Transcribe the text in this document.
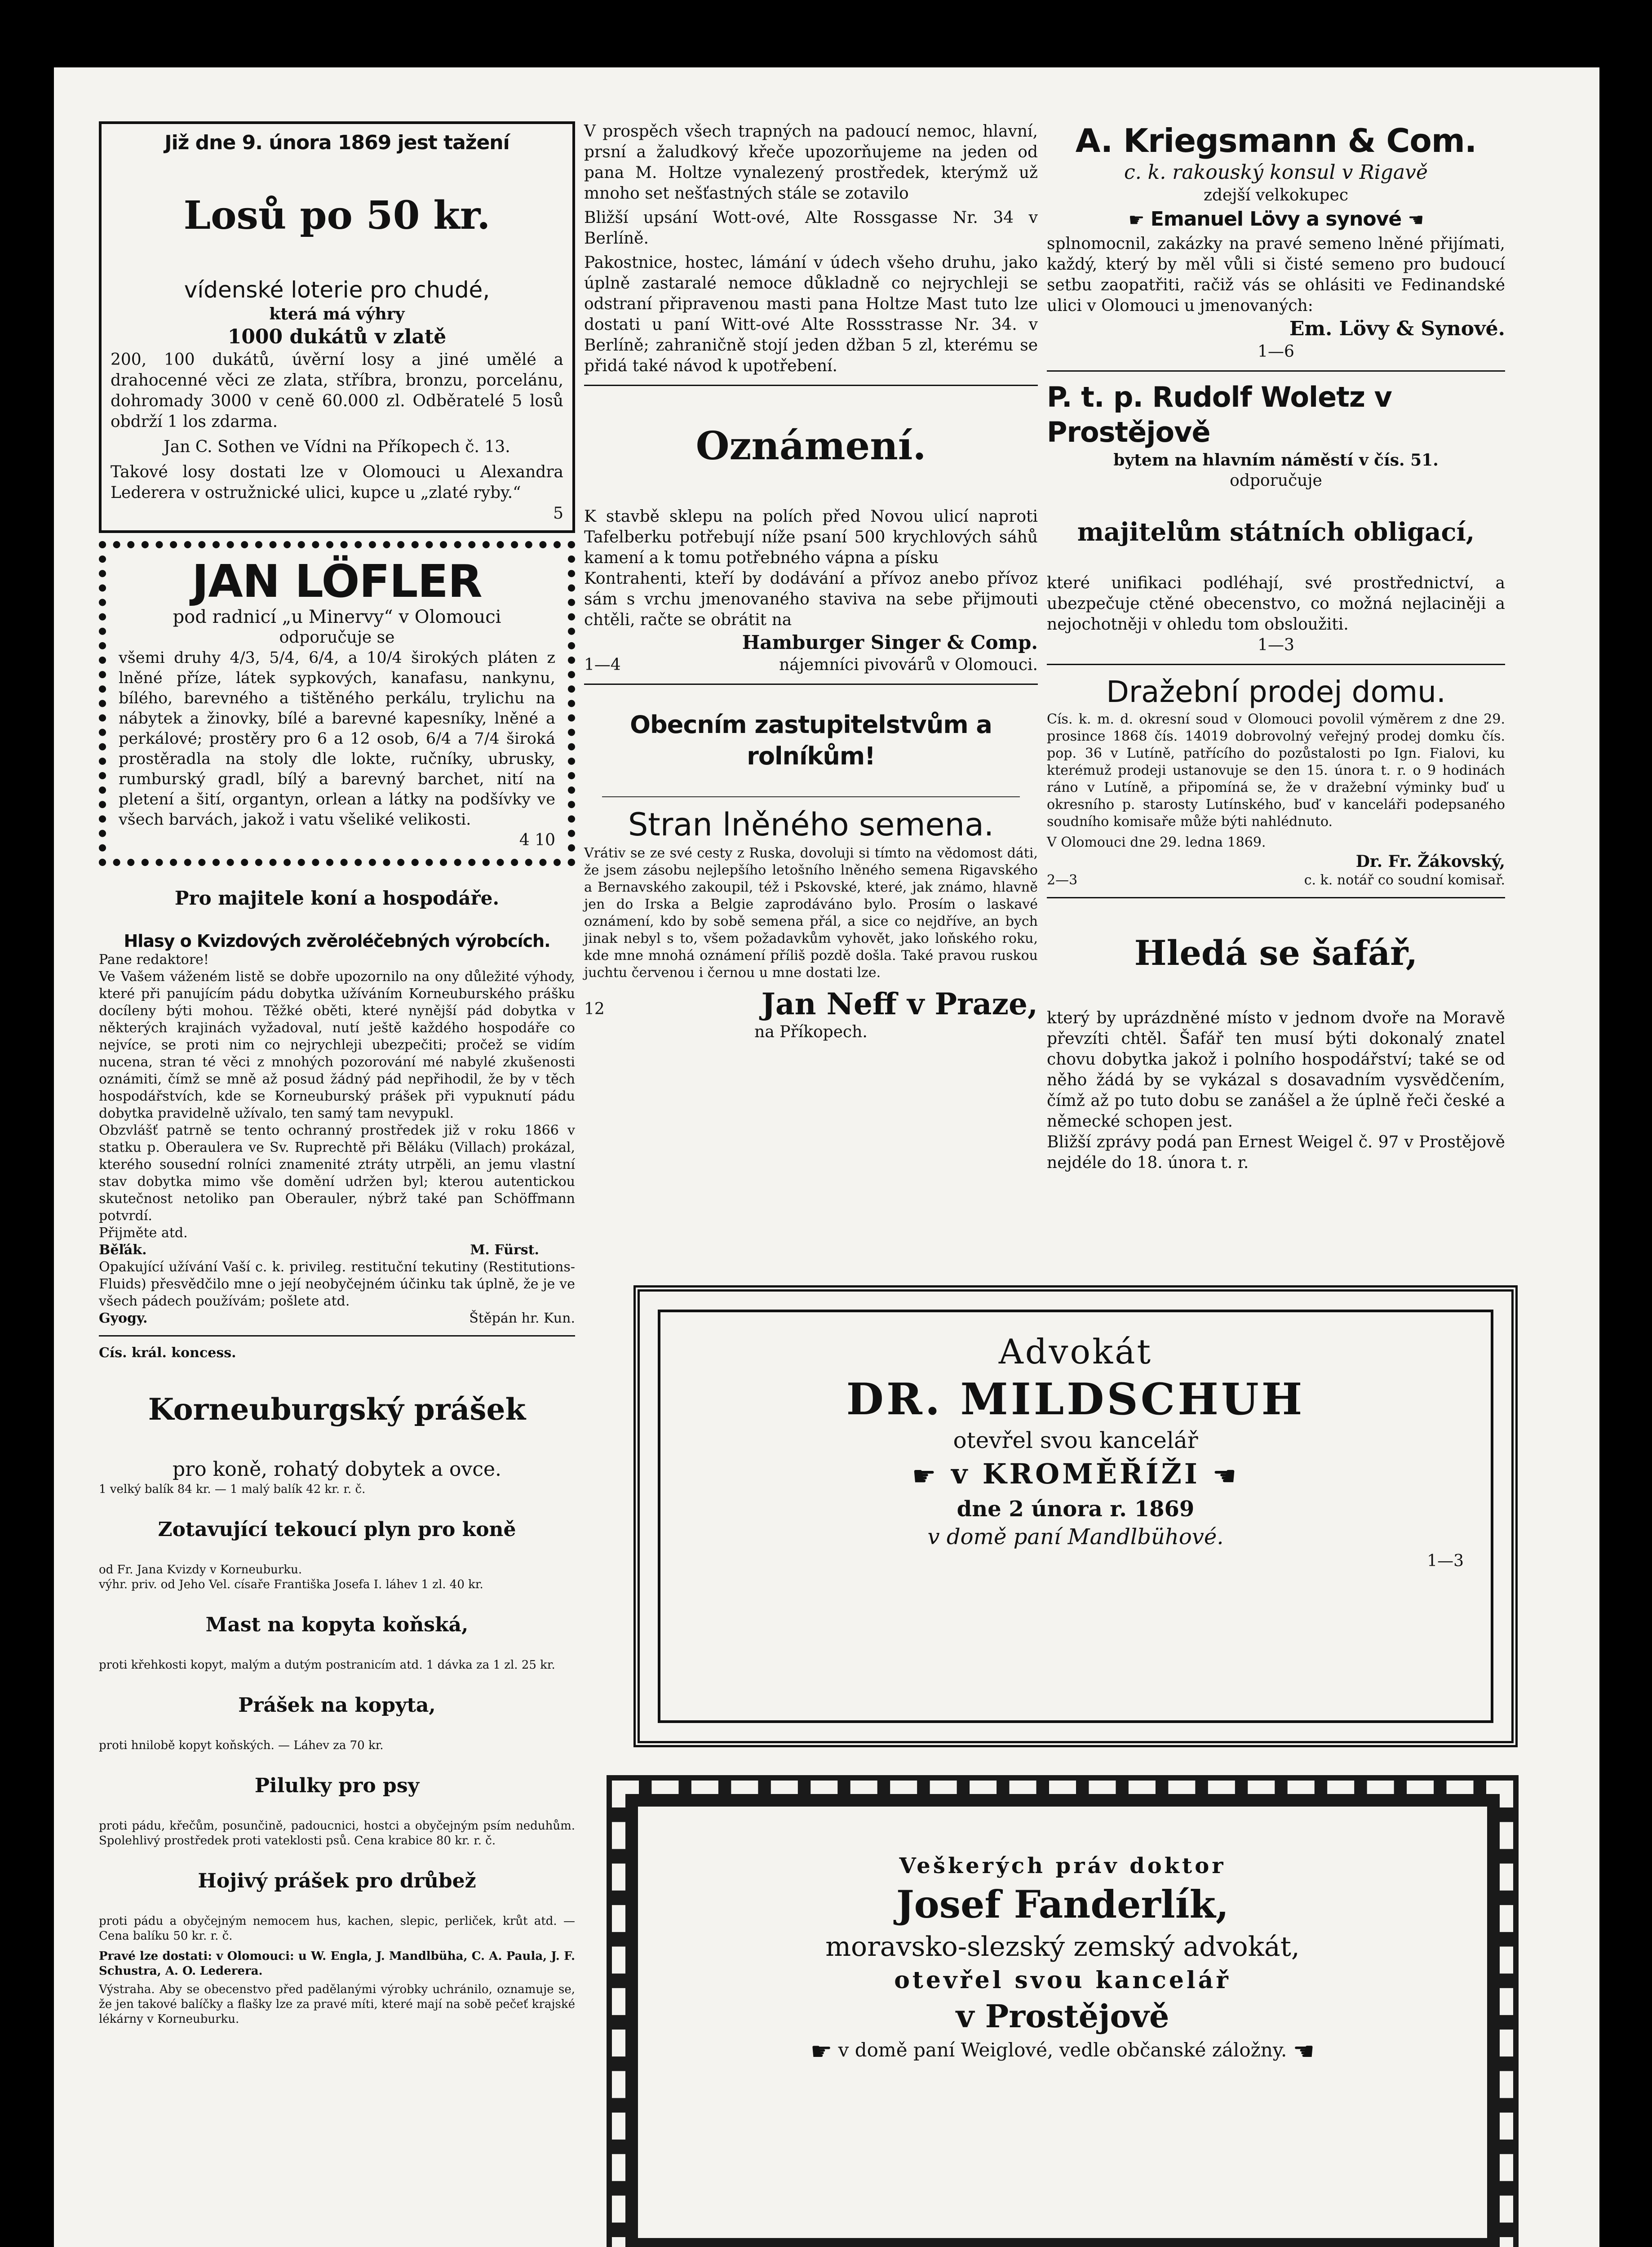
Již dne 9. února 1869 jest tažení

Losů po 50 kr.

vídenské loterie pro chudé,

která má výhry

1000 dukátů v zlatě

200, 100 dukátů, úvěrní losy a jiné umělé a drahocenné věci ze zlata, stříbra, bronzu, porcelánu, dohromady 3000 v ceně 60.000 zl. Odběratelé 5 losů obdrží 1 los zdarma.

Jan C. Sothen ve Vídni na Příkopech č. 13.

Takové losy dostati lze v Olomouci u Alexandra Lederera v ostružnické ulici, kupce u „zlaté ryby.“

5

JAN LÖFLER

pod radnicí „u Minervy“ v Olomouci

odporučuje se

všemi druhy 4/3, 5/4, 6/4, a 10/4 širokých pláten z lněné příze, látek sypkových, kanafasu, nankynu, bílého, barevného a tištěného perkálu, trylichu na nábytek a žinovky, bílé a barevné kapesníky, lněné a perkálové; prostěry pro 6 a 12 osob, 6/4 a 7/4 široká prostěradla na stoly dle lokte, ručníky, ubrusky, rumburský gradl, bílý a barevný barchet, nití na pletení a šití, organtyn, orlean a látky na podšívky ve všech barvách, jakož i vatu všeliké velikosti.

4 10

Pro majitele koní a hospodáře.

Hlasy o Kvizdových zvěroléčebných výrobcích.

Pane redaktore!

Ve Vašem váženém listě se dobře upozornilo na ony důležité výhody, které při panujícím pádu dobytka užíváním Korneuburského prášku docíleny býti mohou. Těžké oběti, které nynější pád dobytka v některých krajinách vyžadoval, nutí ještě každého hospodáře co nejvíce, se proti nim co nejrychleji ubezpečiti; pročež se vidím nucena, stran té věci z mnohých pozorování mé nabylé zkušenosti oznámiti, čímž se mně až posud žádný pád nepřihodil, že by v těch hospodářstvích, kde se Korneuburský prášek při vypuknutí pádu dobytka pravidelně užívalo, ten samý tam nevypukl.

Obzvlášť patrně se tento ochranný prostředek již v roku 1866 v statku p. Oberaulera ve Sv. Ruprechtě při Běláku (Villach) prokázal, kterého sousední rolníci znamenité ztráty utrpěli, an jemu vlastní stav dobytka mimo vše domění udržen byl; kterou autentickou skutečnost netoliko pan Oberauler, nýbrž také pan Schöffmann potvrdí.

Přijměte atd.

Běľák.	M. Fürst.

Opakující užívání Vaší c. k. privileg. restituční tekutiny (Restitutions-Fluids) přesvědčilo mne o její neobyčejném účinku tak úplně, že je ve všech pádech používám; pošlete atd.

Gyogy.	Štěpán hr. Kun.

Cís. král. koncess.

Korneuburgský prášek

pro koně, rohatý dobytek a ovce.

1 velký balík 84 kr. — 1 malý balík 42 kr. r. č.

Zotavující tekoucí plyn pro koně

od Fr. Jana Kvizdy v Korneuburku.

výhr. priv. od Jeho Vel. císaře Františka Josefa I. láhev 1 zl. 40 kr.

Mast na kopyta koňská,

proti křehkosti kopyt, malým a dutým postranicím atd. 1 dávka za 1 zl. 25 kr.

Prášek na kopyta,

proti hnilobě kopyt koňských. — Láhev za 70 kr.

Pilulky pro psy

proti pádu, křečům, posunčině, padoucnici, hostci a obyčejným psím neduhům. Spolehlivý prostředek proti vateklosti psů. Cena krabice 80 kr. r. č.

Hojivý prášek pro drůbež

proti pádu a obyčejným nemocem hus, kachen, slepic, perliček, krůt atd. — Cena balíku 50 kr. r. č.

Pravé lze dostati: v Olomouci: u W. Engla, J. Mandlbüha, C. A. Paula, J. F. Schustra, A. O. Lederera.

Výstraha. Aby se obecenstvo před padělanými výrobky uchránilo, oznamuje se, že jen takové balíčky a flašky lze za pravé míti, které mají na sobě pečeť krajské lékárny v Korneuburku.

V prospěch všech trapných na padoucí nemoc, hlavní, prsní a žaludkový křeče upozorňujeme na jeden od pana M. Holtze vynalezený prostředek, kterýmž už mnoho set nešťastných stále se zotavilo

Bližší upsání Wott-ové, Alte Rossgasse Nr. 34 v Berlíně.

Pakostnice, hostec, lámání v údech všeho druhu, jako úplně zastaralé nemoce důkladně co nejrychleji se odstraní připravenou masti pana Holtze Mast tuto lze dostati u paní Witt-ové Alte Rossstrasse Nr. 34. v Berlíně; zahraničně stojí jeden džban 5 zl, kterému se přidá také návod k upotřebení.

Oznámení.

K stavbě sklepu na polích před Novou ulicí naproti Tafelberku potřebují níže psaní 500 krychlových sáhů kamení a k tomu potřebného vápna a písku

Kontrahenti, kteří by dodávání a přívoz anebo přívoz sám s vrchu jmenovaného staviva na sebe přijmouti chtěli, račte se obrátit na

Hamburger Singer & Comp.

1—4	nájemníci pivovárů v Olomouci.

Obecním zastupitelstvům a rolníkům!

Stran lněného semena.

Vrátiv se ze své cesty z Ruska, dovoluji si tímto na vědomost dáti, že jsem zásobu nejlepšího letošního lněného semena Rigavského a Bernavského zakoupil, též i Pskovské, které, jak známo, hlavně jen do Irska a Belgie zaprodáváno bylo. Prosím o laskavé oznámení, kdo by sobě semena přál, a sice co nejdříve, an bych jinak nebyl s to, všem požadavkům vyhovět, jako loňského roku, kde mne mnohá oznámení příliš pozdě došla. Také pravou ruskou juchtu červenou i černou u mne dostati lze.

12	Jan Neff v Praze,

na Příkopech.

A. Kriegsmann & Com.

c. k. rakouský konsul v Rigavě

zdejší velkokupec

☛ Emanuel Lövy a synové ☚

splnomocnil, zakázky na pravé semeno lněné přijímati, každý, který by měl vůli si čisté semeno pro budoucí setbu zaopatřiti, račiž vás se ohlásiti ve Fedinandské ulici v Olomouci u jmenovaných:

Em. Lövy & Synové.

1—6

P. t. p. Rudolf Woletz v Prostějově

bytem na hlavním náměstí v čís. 51.

odporučuje

majitelům státních obligací,

které unifikaci podléhají, své prostřednictví, a ubezpečuje ctěné obecenstvo, co možná nejlaciněji a nejochotněji v ohledu tom obsloužiti.

1—3

Dražební prodej domu.

Cís. k. m. d. okresní soud v Olomouci povolil výměrem z dne 29. prosince 1868 čís. 14019 dobrovolný veřejný prodej domku čís. pop. 36 v Lutíně, patřícího do pozůstalosti po Ign. Fialovi, ku kterémuž prodeji ustanovuje se den 15. února t. r. o 9 hodinách ráno v Lutíně, a připomíná se, že v dražební výminky buď u okresního p. starosty Lutínského, buď v kanceláři podepsaného soudního komisaře může býti nahlédnuto.

V Olomouci dne 29. ledna 1869.

Dr. Fr. Žákovský,

2—3	c. k. notář co soudní komisař.

Hledá se šafář,

který by uprázdněné místo v jednom dvoře na Moravě převzíti chtěl. Šafář ten musí býti dokonalý znatel chovu dobytka jakož i polního hospodářství; také se od něho žádá by se vykázal s dosavadním vysvědčením, čímž až po tuto dobu se zanášel a že úplně řeči české a německé schopen jest.

Bližší zprávy podá pan Ernest Weigel č. 97 v Prostějově nejdéle do 18. února t. r.

Advokát

DR. MILDSCHUH

otevřel svou kancelář

☛ v KROMĚŘÍŽI ☚

dne 2 února r. 1869

v domě paní Mandlbühové.

1—3

Veškerých práv doktor

Josef Fanderlík,

moravsko-slezský zemský advokát,

otevřel svou kancelář

v Prostějově

☛ v domě paní Weiglové, vedle občanské záložny. ☚
